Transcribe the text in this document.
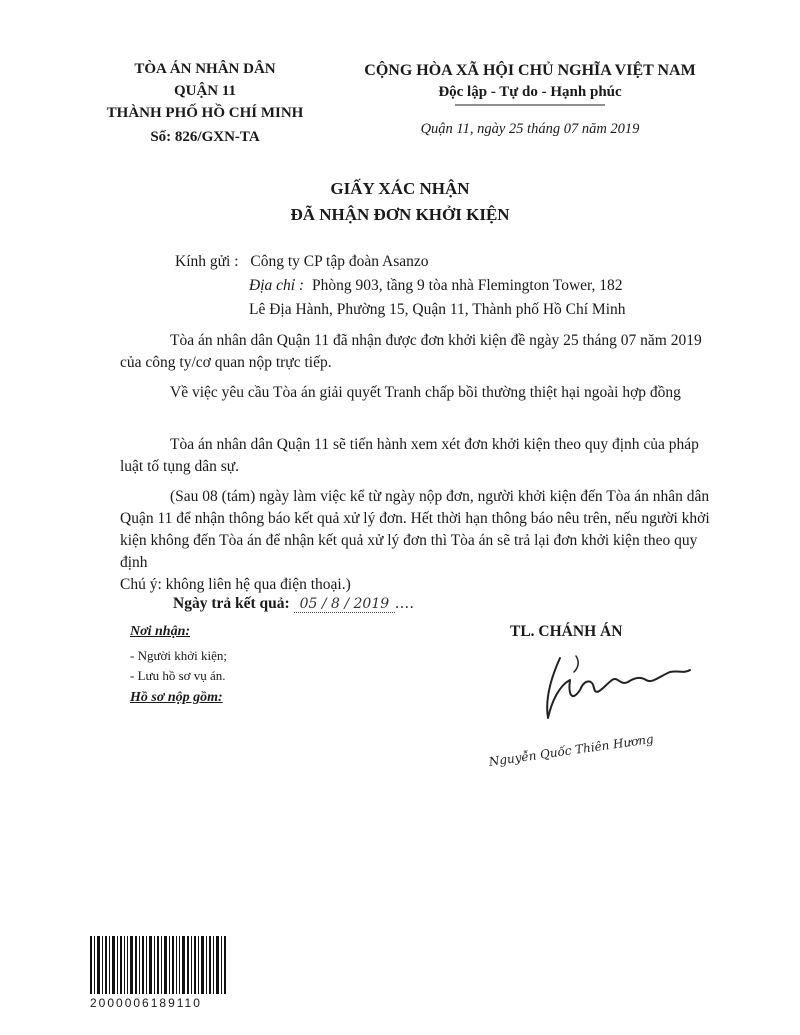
TÒA ÁN NHÂN DÂN
QUẬN 11
THÀNH PHỐ HỒ CHÍ MINH
Số: 826/GXN-TA
CỘNG HÒA XÃ HỘI CHỦ NGHĨA VIỆT NAM
Độc lập - Tự do - Hạnh phúc
Quận 11, ngày 25 tháng 07 năm 2019
GIẤY XÁC NHẬN
ĐÃ NHẬN ĐƠN KHỞI KIỆN
Kính gửi : Công ty CP tập đoàn Asanzo
Địa chỉ : Phòng 903, tầng 9 tòa nhà Flemington Tower, 182
Lê Địa Hành, Phường 15, Quận 11, Thành phố Hồ Chí Minh
Tòa án nhân dân Quận 11 đã nhận được đơn khởi kiện đề ngày 25 tháng 07 năm 2019 của công ty/cơ quan nộp trực tiếp.
Về việc yêu cầu Tòa án giải quyết Tranh chấp bồi thường thiệt hại ngoài hợp đồng
Tòa án nhân dân Quận 11 sẽ tiến hành xem xét đơn khởi kiện theo quy định của pháp luật tố tụng dân sự.
(Sau 08 (tám) ngày làm việc kể từ ngày nộp đơn, người khởi kiện đến Tòa án nhân dân Quận 11 để nhận thông báo kết quả xử lý đơn. Hết thời hạn thông báo nêu trên, nếu người khởi kiện không đến Tòa án để nhận kết quả xử lý đơn thì Tòa án sẽ trả lại đơn khởi kiện theo quy định
Chú ý: không liên hệ qua điện thoại.)
Ngày trả kết quả: 05 / 8 / 2019 ....
Nơi nhận:
- Người khởi kiện;
- Lưu hồ sơ vụ án.
Hồ sơ nộp gồm:
TL. CHÁNH ÁN
Nguyễn Quốc Thiên Hương
2000006189110
